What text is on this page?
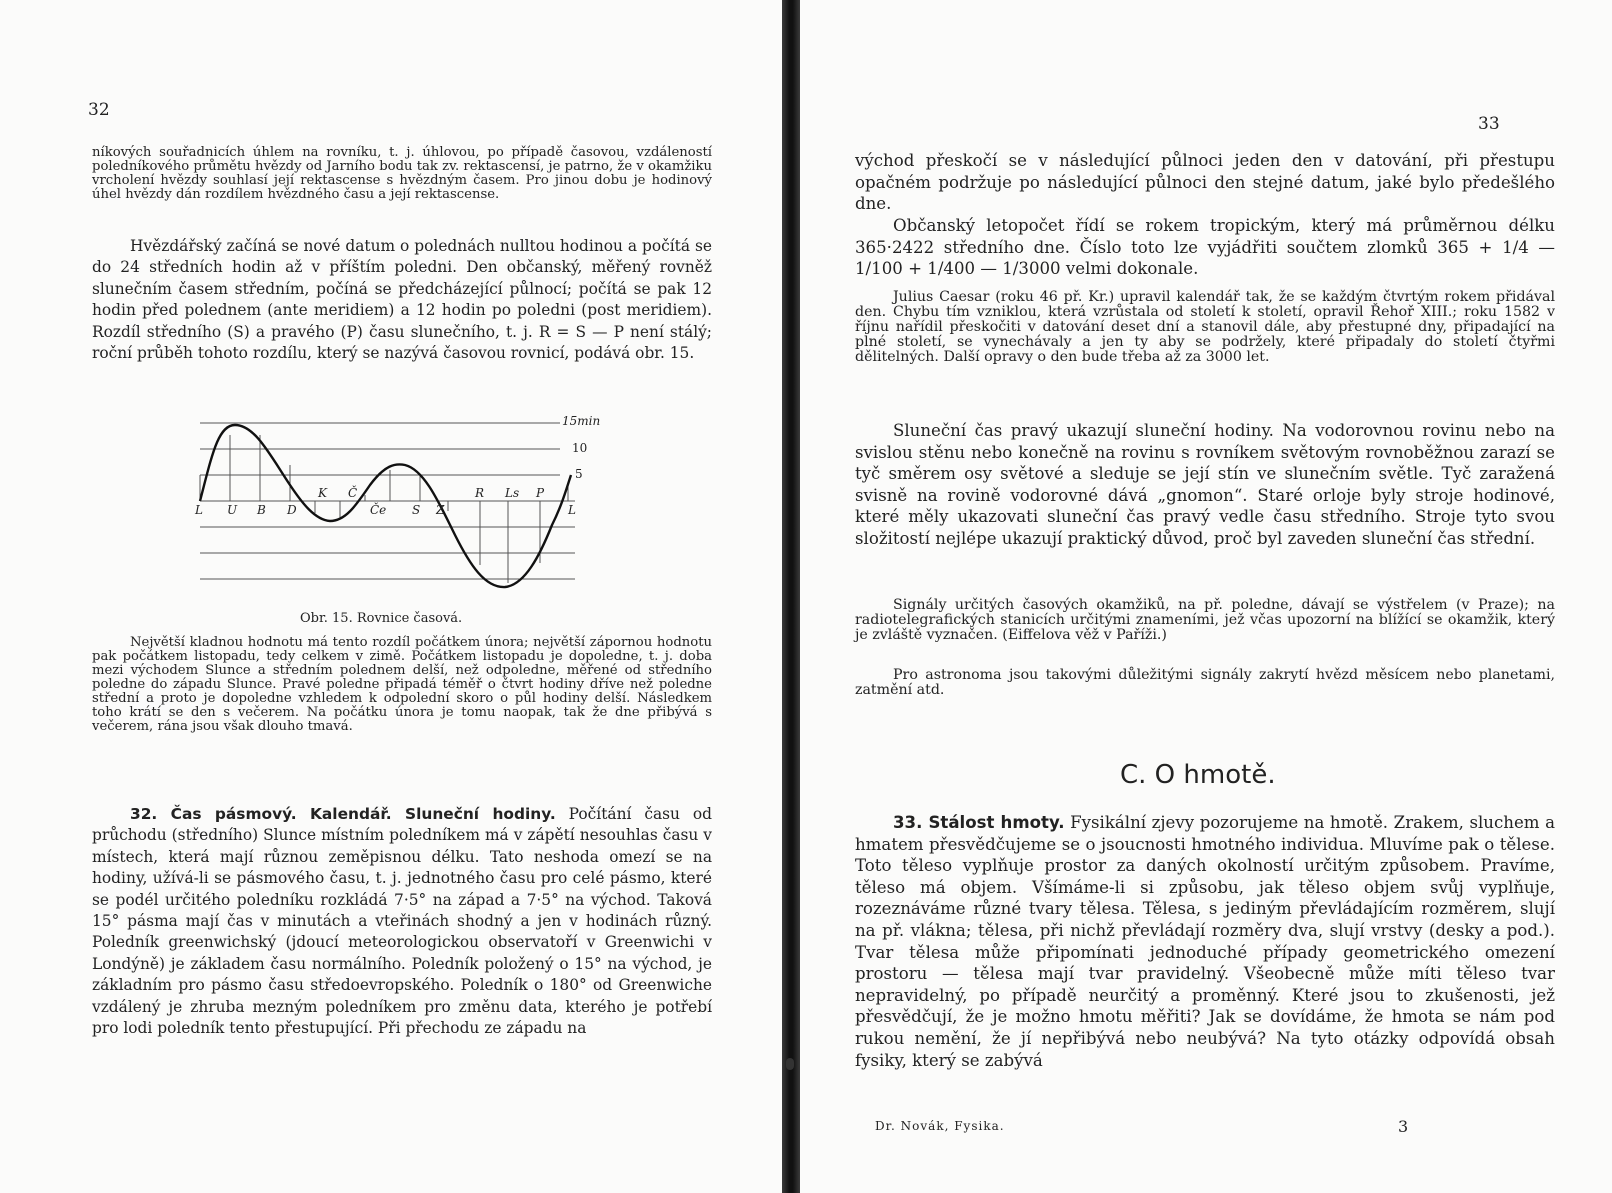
32
níkových souřadnicích úhlem na rovníku, t. j. úhlovou, po případě časovou, vzdáleností poledníkového průmětu hvězdy od Jarního bodu tak zv. rektascensí, je patrno, že v okamžiku vrcholení hvězdy souhlasí její rektascense s hvězdným časem. Pro jinou dobu je hodinový úhel hvězdy dán rozdílem hvězdného času a její rektascense.
Hvězdářský začíná se nové datum o polednách nulltou hodinou a počítá se do 24 středních hodin až v příštím poledni. Den občanský, měřený rovněž slunečním časem středním, počíná se předcházející půlnocí; počítá se pak 12 hodin před polednem (ante meridiem) a 12 hodin po poledni (post meridiem). Rozdíl středního (S) a pravého (P) času slunečního, t. j. R = S — P není stálý; roční průběh tohoto rozdílu, který se nazývá časovou rovnicí, podává obr. 15.
15min
10
5
L U B D
K Č
Če S Z
R Ls P
L
Obr. 15. Rovnice časová.
Největší kladnou hodnotu má tento rozdíl počátkem února; největší zápornou hodnotu pak počátkem listopadu, tedy celkem v zimě. Počátkem listopadu je dopoledne, t. j. doba mezi východem Slunce a středním polednem delší, než odpoledne, měřené od středního poledne do západu Slunce. Pravé poledne připadá téměř o čtvrt hodiny dříve než poledne střední a proto je dopoledne vzhledem k odpolední skoro o půl hodiny delší. Následkem toho krátí se den s večerem. Na počátku února je tomu naopak, tak že dne přibývá s večerem, rána jsou však dlouho tmavá.
32. Čas pásmový. Kalendář. Sluneční hodiny. Počítání času od průchodu (středního) Slunce místním poledníkem má v zápětí nesouhlas času v místech, která mají různou zeměpisnou délku. Tato neshoda omezí se na hodiny, užívá-li se pásmového času, t. j. jednotného času pro celé pásmo, které se podél určitého poledníku rozkládá 7·5° na západ a 7·5° na východ. Taková 15° pásma mají čas v minutách a vteřinách shodný a jen v hodinách různý. Poledník greenwichský (jdoucí meteorologickou observatoří v Greenwichi v Londýně) je základem času normálního. Poledník položený o 15° na východ, je základním pro pásmo času středoevropského. Poledník o 180° od Greenwiche vzdálený je zhruba mezným poledníkem pro změnu data, kterého je potřebí pro lodi poledník tento přestupující. Při přechodu ze západu na
33
východ přeskočí se v následující půlnoci jeden den v datování, při přestupu opačném podržuje po následující půlnoci den stejné datum, jaké bylo předešlého dne.
Občanský letopočet řídí se rokem tropickým, který má průměrnou délku 365·2422 středního dne. Číslo toto lze vyjádřiti součtem zlomků 365 + 1/4 — 1/100 + 1/400 — 1/3000 velmi dokonale.
Julius Caesar (roku 46 př. Kr.) upravil kalendář tak, že se každým čtvrtým rokem přidával den. Chybu tím vzniklou, která vzrůstala od století k století, opravil Řehoř XIII.; roku 1582 v říjnu nařídil přeskočiti v datování deset dní a stanovil dále, aby přestupné dny, připadající na plné století, se vynechávaly a jen ty aby se podržely, které připadaly do století čtyřmi dělitelných. Další opravy o den bude třeba až za 3000 let.
Sluneční čas pravý ukazují sluneční hodiny. Na vodorovnou rovinu nebo na svislou stěnu nebo konečně na rovinu s rovníkem světovým rovnoběžnou zarazí se tyč směrem osy světové a sleduje se její stín ve slunečním světle. Tyč zaražená svisně na rovině vodorovné dává „gnomon“. Staré orloje byly stroje hodinové, které měly ukazovati sluneční čas pravý vedle času středního. Stroje tyto svou složitostí nejlépe ukazují praktický důvod, proč byl zaveden sluneční čas střední.
Signály určitých časových okamžiků, na př. poledne, dávají se výstřelem (v Praze); na radiotelegrafických stanicích určitými znameními, jež včas upozorní na blížící se okamžik, který je zvláště vyznačen. (Eiffelova věž v Paříži.)
Pro astronoma jsou takovými důležitými signály zakrytí hvězd měsícem nebo planetami, zatmění atd.
C. O hmotě.
33. Stálost hmoty. Fysikální zjevy pozorujeme na hmotě. Zrakem, sluchem a hmatem přesvědčujeme se o jsoucnosti hmotného individua. Mluvíme pak o tělese. Toto těleso vyplňuje prostor za daných okolností určitým způsobem. Pravíme, těleso má objem. Všímáme-li si způsobu, jak těleso objem svůj vyplňuje, rozeznáváme různé tvary tělesa. Tělesa, s jediným převládajícím rozměrem, slují na př. vlákna; tělesa, při nichž převládají rozměry dva, slují vrstvy (desky a pod.). Tvar tělesa může připomínati jednoduché případy geometrického omezení prostoru — tělesa mají tvar pravidelný. Všeobecně může míti těleso tvar nepravidelný, po případě neurčitý a proměnný. Které jsou to zkušenosti, jež přesvědčují, že je možno hmotu měřiti? Jak se dovídáme, že hmota se nám pod rukou nemění, že jí nepřibývá nebo neubývá? Na tyto otázky odpovídá obsah fysiky, který se zabývá
Dr. Novák, Fysika.	3
